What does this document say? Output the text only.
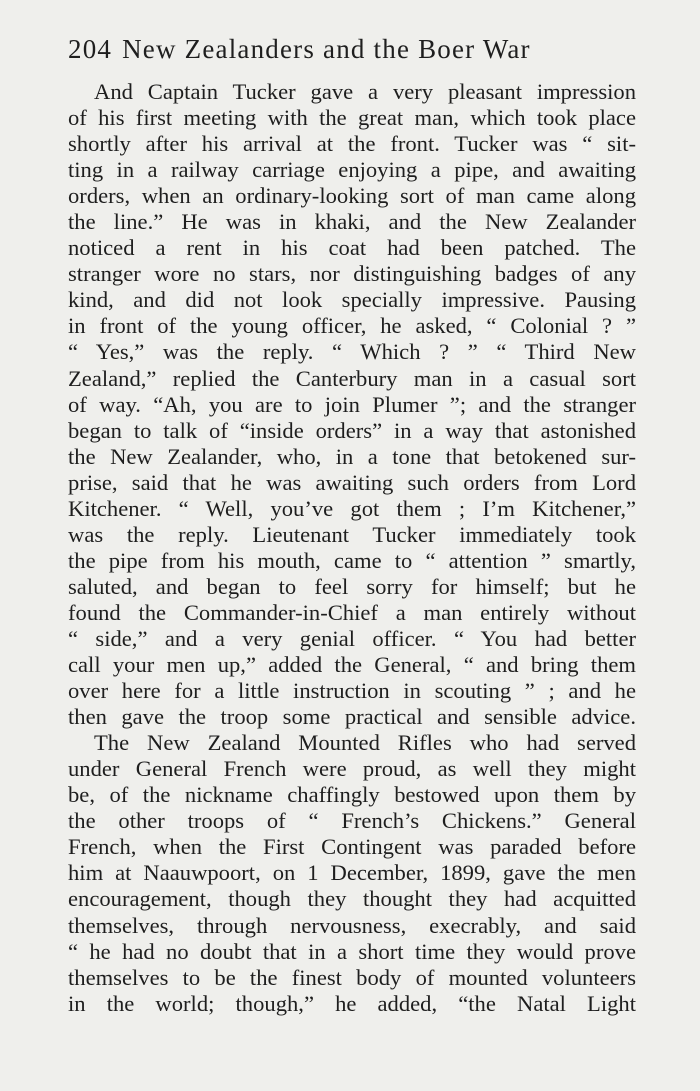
204 New Zealanders and the Boer War
And Captain Tucker gave a very pleasant impression
of his first meeting with the great man, which took place
shortly after his arrival at the front. Tucker was “ sit-
ting in a railway carriage enjoying a pipe, and awaiting
orders, when an ordinary-looking sort of man came along
the line.” He was in khaki, and the New Zealander
noticed a rent in his coat had been patched. The
stranger wore no stars, nor distinguishing badges of any
kind, and did not look specially impressive. Pausing
in front of the young officer, he asked, “ Colonial ? ”
“ Yes,” was the reply. “ Which ? ” “ Third New
Zealand,” replied the Canterbury man in a casual sort
of way. “Ah, you are to join Plumer ”; and the stranger
began to talk of “inside orders” in a way that astonished
the New Zealander, who, in a tone that betokened sur-
prise, said that he was awaiting such orders from Lord
Kitchener. “ Well, you’ve got them ; I’m Kitchener,”
was the reply. Lieutenant Tucker immediately took
the pipe from his mouth, came to “ attention ” smartly,
saluted, and began to feel sorry for himself; but he
found the Commander-in-Chief a man entirely without
“ side,” and a very genial officer. “ You had better
call your men up,” added the General, “ and bring them
over here for a little instruction in scouting ” ; and he
then gave the troop some practical and sensible advice.
The New Zealand Mounted Rifles who had served
under General French were proud, as well they might
be, of the nickname chaffingly bestowed upon them by
the other troops of “ French’s Chickens.” General
French, when the First Contingent was paraded before
him at Naauwpoort, on 1 December, 1899, gave the men
encouragement, though they thought they had acquitted
themselves, through nervousness, execrably, and said
“ he had no doubt that in a short time they would prove
themselves to be the finest body of mounted volunteers
in the world; though,” he added, “the Natal Light
